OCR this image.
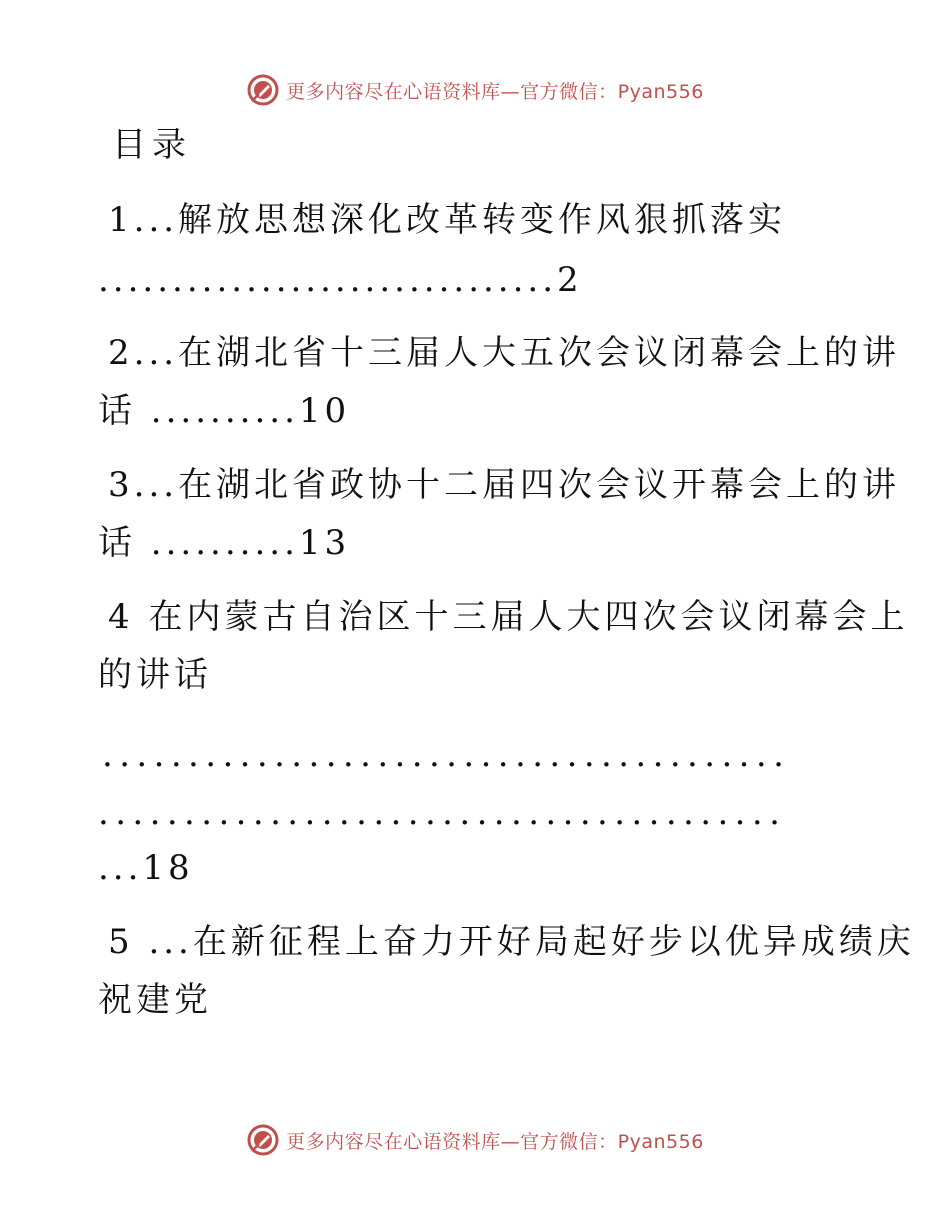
更多内容尽在心语资料库—官方微信：Pyan556
目录
1...解放思想深化改革转变作风狠抓落实
...............................2
2...在湖北省十三届人大五次会议闭幕会上的讲
话 ..........10
3...在湖北省政协十二届四次会议开幕会上的讲
话 ..........13
4 在内蒙古自治区十三届人大四次会议闭幕会上
的讲话
........................................
........................................
...18
5 ...在新征程上奋力开好局起好步以优异成绩庆
祝建党
更多内容尽在心语资料库—官方微信：Pyan556
